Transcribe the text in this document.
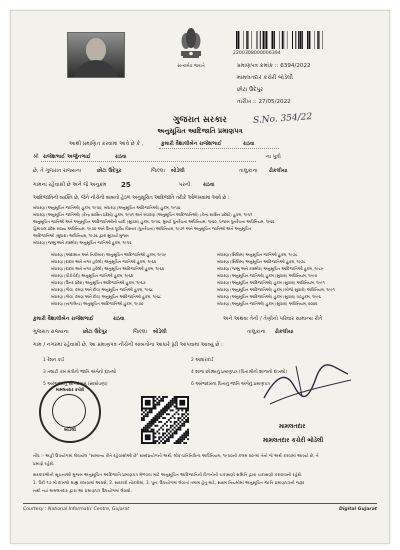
સત્યમેવ જયતે
2200308000006394
પ્રમાણપત્ર ક્રમાંક :: 6394/2022
મામલતદાર કચેરી બોડેલી
છોટા ઉદેપુર
તારીખ :: 27/05/2022
S.No. 354/22
ગુજરાત સરકાર
અનુસૂચિત આદિજાતિ પ્રમાણપત્ર
આથી પ્રમાણિત કરવામાં આવે છે કે ,	કુમારી વૈશાલીબેન રાજેશભાઈ	રાઠવા
શ્રી રાજેશભાઈ અર્જુનભાઈ	રાઠવા	ના પુત્રી
છે, તે ગુજરાત રાજ્યના	છોટા ઉદેપુર	જિલ્લા બોડેલી	તાલુકાના ઢોકલીયા
ગામના રહેવાસી છે અને જે અનુક્રમ 25	પરની રાઠવા
આદિજાતિની વ્યક્તિ છે, જેને નીચેની બાબતો હેઠળ અનુસૂચિત આદિજાતિ તરીકે ઓળખવામાં આવે છે :
બંધારણ (અનુસૂચિત જાતિઓ) હુકમ, ૧૯૫૦, બંધારણ (અનુસૂચિત આદિજાતિઓ) હુકમ, ૧૯૫૦
બંધારણ (અનુસૂચિત જાતિઓ) (કેન્દ્ર શાસિત પ્રદેશો) હુકમ, ૧૯૫૧ અને બંધારણ (અનુસૂચિત આદિજાતિઓ) (કેન્દ્ર શાસિત પ્રદેશો) હુકમ, ૧૯૫૧
અનુસૂચિત જાતિઓ અને અનુસૂચિત આદિજાતિઓની યાદી (સુધારા) હુકમ, ૧૯૫૬, મુંબઈ પુનર્રચના અધિનિયમ, ૧૯૬૦, પંજાબ પુનર્રચના અધિનિયમ, ૧૯૬૬
હિમાચલ પ્રદેશ રાજ્ય અધિનિયમ, ૧૯૭૦ અને ઉત્તર પૂર્વીય વિસ્તાર (પુનર્રચના) અધિનિયમ, ૧૯૭૧ અને અનુસૂચિત જાતિઓ અને અનુસૂચિત
આદિજાતિઓ (સુધારા) અધિનિયમ, ૧૯૭૬ દ્વારા સુધાર્યા મુજબ
બંધારણ (જમ્મુ અને કાશ્મીર) અનુસૂચિત જાતિઓ હુકમ, ૧૯૫૬
બંધારણ (આંદામાન અને નિકોબાર) અનુસૂચિત આદિજાતિઓ હુકમ, ૧૯૫૯
બંધારણ (દાદરા અને નગર હવેલી) અનુસૂચિત જાતિઓ હુકમ, ૧૯૬૨
બંધારણ (દાદરા અને નગર હવેલી) અનુસૂચિત આદિજાતિઓ હુકમ, ૧૯૬૨
બંધારણ (પોંડીચેરી) અનુસૂચિત જાતિઓ હુકમ, ૧૯૬૪
બંધારણ (ઉત્તર પ્રદેશ) અનુસૂચિત આદિજાતિઓ હુકમ, ૧૯૬૭
બંધારણ (ગોવા, દમણ અને દીવ) અનુસૂચિત જાતિઓ હુકમ, ૧૯૬૮
બંધારણ (ગોવા, દમણ અને દીવ) અનુસૂચિત આદિજાતિઓ હુકમ, ૧૯૬૮
બંધારણ (નાગાલેન્ડ) અનુસૂચિત આદિજાતિઓ હુકમ, ૧૯૭૦
બંધારણ (સિક્કિમ) અનુસૂચિત જાતિઓ હુકમ, ૧૯૭૮
બંધારણ (સિક્કિમ) અનુસૂચિત આદિજાતિઓ હુકમ, ૧૯૭૮
બંધારણ (જમ્મુ અને કાશ્મીર) અનુસૂચિત આદિજાતિઓ હુકમ, ૧૯૮૯
બંધારણ (અનુસૂચિત જાતિઓ) હુકમ (સુધારા) અધિનિયમ, ૧૯૯૦
બંધારણ (અનુસૂચિત આદિજાતિઓ) હુકમ (સુધારા) અધિનિયમ, ૧૯૯૧
બંધારણ (અનુસૂચિત આદિજાતિઓ) હુકમ (બીજો સુધારો) અધિનિયમ, ૧૯૯૧
બંધારણ (અનુસૂચિત આદિજાતિઓ) હુકમ (સુધારા) વટહુકમ, ૧૯૯૬
બંધારણ (અનુસૂચિત જાતિઓ) હુકમ (સુધારા) અધિનિયમ, ૨૦૦૨
કુમારી વૈશાલીબેન રાજેશભાઈ	રાઠવા	અને અથવા તેની / તેણીનો પરિવાર સામાન્ય રીતે
ગુજરાત રાજ્યના	છોટા ઉદેપુર	જિલ્લા બોડેલી	તાલુકાના ઢોકલીયા
ગામ / નગરમાં રહેવાસી છે. આ પ્રમાણપત્ર નીચેની બાબતોના આધારે રૂઢી આપવામાં આવ્યું છે :
1 રેશન કાર્ડ	2 આધારકાર્ડ
3 તલાટી કમ મંત્રીનો જાતિ અંગેનો દાખલો	4 શાળા છોડ્યાનું પ્રમાણપત્ર (પિતાશ્રીનો શાળાનો દાખલો)
5 અરજદારનું સોગંદનામું (સ્વઘોષણા)	6 અરજદારના પિતાનું જાતિ અંગેનું પ્રમાણપત્ર
મામલતદાર કચેરી
બોડેલી
મામલતદાર
મામલતદાર કચેરી બોડેલી
નોંધ :- અહીં ઉપયોગમાં લેવાયેલ "સામાન્ય રીતે રહેવાસીઓ છે" શબ્દપ્રયોગનો અર્થ, લોક-પ્રતિનિધિત્વ અધિનિયમ, ૧૯૫૦ની કલમ ૨૦-માં તેનો જે અર્થ કરવામાં આવ્યો છે, તે
પ્રમાણે રહેશે.
સરકારશ્રીની સૂચનાઓ મુજબ અનુસૂચિત આદિજાતિ પ્રમાણપત્ર મેળવવા માટે અનુસૂચિત આદિજાતિની વિગતોની ચકાસણી સમિતિ દ્વારા ચકાસણી કરાવવાની રહેશે.
1. પૈકી ૧૭ મો દાખલો ગ્રાહ્ય રાખવામાં આવશે, 2. સરકારી નોકરીમાં, 3. પુનઃ ઉપયોગમાં લેવાતાં તમામ હેતુ માટે, સક્ષમ નિયમોમાં અનુસૂચિત જાતિ પ્રમાણપત્રની જરૂર
નથી ત્યાં મામલતદાર દ્વારા આ પ્રમાણપત્ર ઉપયોગમાં લેવાશે.
Courtesy : National Informatic Centre, Gujarat	Digital Gujarat
